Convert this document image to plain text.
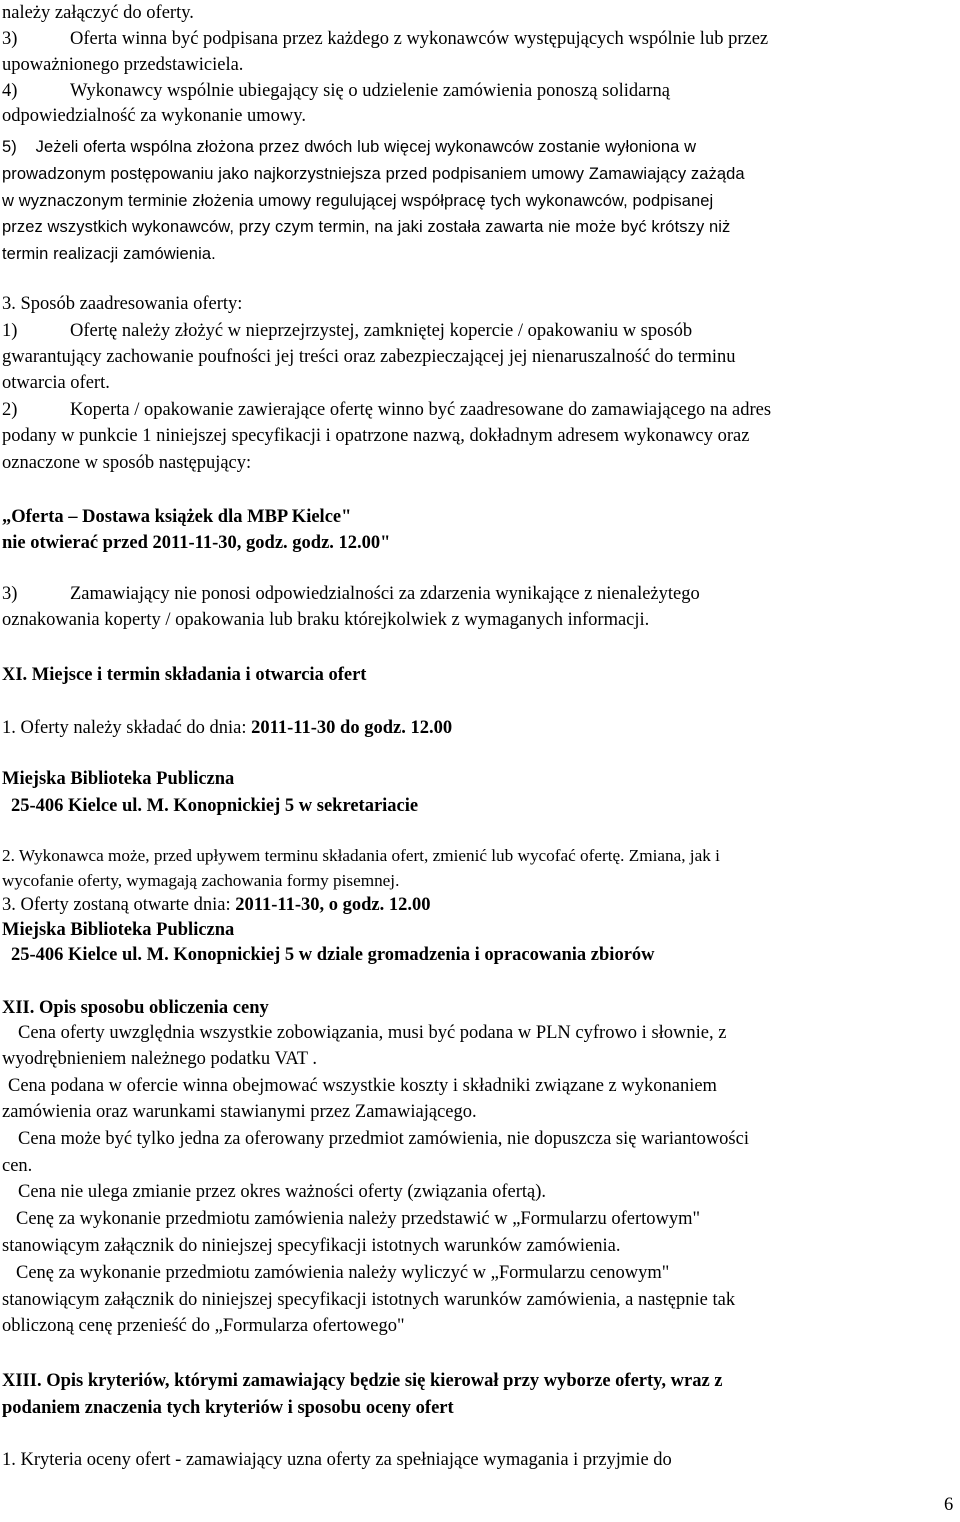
należy załączyć do oferty.
3)	Oferta winna być podpisana przez każdego z wykonawców występujących wspólnie lub przez
upoważnionego przedstawiciela.
4)	Wykonawcy wspólnie ubiegający się o udzielenie zamówienia ponoszą solidarną
odpowiedzialność za wykonanie umowy.
5)    Jeżeli oferta wspólna złożona przez dwóch lub więcej wykonawców zostanie wyłoniona w
prowadzonym postępowaniu jako najkorzystniejsza przed podpisaniem umowy Zamawiający zażąda
w wyznaczonym terminie złożenia umowy regulującej współpracę tych wykonawców, podpisanej
przez wszystkich wykonawców, przy czym termin, na jaki została zawarta nie może być krótszy niż
termin realizacji zamówienia.
3. Sposób zaadresowania oferty:
1)	Ofertę należy złożyć w nieprzejrzystej, zamkniętej kopercie / opakowaniu w sposób
gwarantujący zachowanie poufności jej treści oraz zabezpieczającej jej nienaruszalność do terminu
otwarcia ofert.
2)	Koperta / opakowanie zawierające ofertę winno być zaadresowane do zamawiającego na adres
podany w punkcie 1 niniejszej specyfikacji i opatrzone nazwą, dokładnym adresem wykonawcy oraz
oznaczone w sposób następujący:
„Oferta – Dostawa książek dla MBP Kielce"
nie otwierać przed 2011-11-30, godz. godz. 12.00"
3)	Zamawiający nie ponosi odpowiedzialności za zdarzenia wynikające z nienależytego
oznakowania koperty / opakowania lub braku którejkolwiek z wymaganych informacji.
XI. Miejsce i termin składania i otwarcia ofert
1. Oferty należy składać do dnia: 2011-11-30 do godz. 12.00
Miejska Biblioteka Publiczna
25-406 Kielce ul. M. Konopnickiej 5 w sekretariacie
2. Wykonawca może, przed upływem terminu składania ofert, zmienić lub wycofać ofertę. Zmiana, jak i
wycofanie oferty, wymagają zachowania formy pisemnej.
3. Oferty zostaną otwarte dnia: 2011-11-30, o godz. 12.00
Miejska Biblioteka Publiczna
25-406 Kielce ul. M. Konopnickiej 5 w dziale gromadzenia i opracowania zbiorów
XII. Opis sposobu obliczenia ceny
Cena oferty uwzględnia wszystkie zobowiązania, musi być podana w PLN cyfrowo i słownie, z
wyodrębnieniem należnego podatku VAT .
Cena podana w ofercie winna obejmować wszystkie koszty i składniki związane z wykonaniem
zamówienia oraz warunkami stawianymi przez Zamawiającego.
Cena może być tylko jedna za oferowany przedmiot zamówienia, nie dopuszcza się wariantowości
cen.
Cena nie ulega zmianie przez okres ważności oferty (związania ofertą).
Cenę za wykonanie przedmiotu zamówienia należy przedstawić w „Formularzu ofertowym"
stanowiącym załącznik do niniejszej specyfikacji istotnych warunków zamówienia.
Cenę za wykonanie przedmiotu zamówienia należy wyliczyć w „Formularzu cenowym"
stanowiącym załącznik do niniejszej specyfikacji istotnych warunków zamówienia, a następnie tak
obliczoną cenę przenieść do „Formularza ofertowego"
XIII. Opis kryteriów, którymi zamawiający będzie się kierował przy wyborze oferty, wraz z
podaniem znaczenia tych kryteriów i sposobu oceny ofert
1. Kryteria oceny ofert - zamawiający uzna oferty za spełniające wymagania i przyjmie do
6
